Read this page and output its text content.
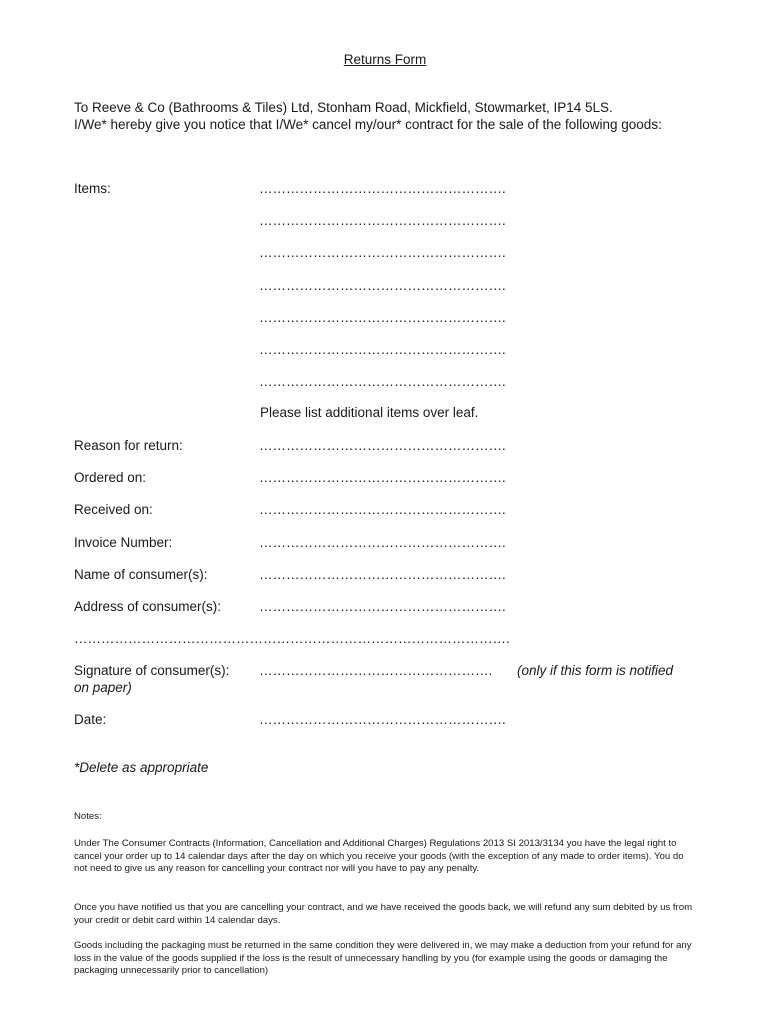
Returns Form

To Reeve & Co (Bathrooms & Tiles) Ltd, Stonham Road, Mickfield, Stowmarket, IP14 5LS.

I/We* hereby give you notice that I/We* cancel my/our* contract for the sale of the following goods:

Items:	……………………………………………….
……………………………………………….
……………………………………………….
……………………………………………….
……………………………………………….
……………………………………………….
……………………………………………….
Please list additional items over leaf.
Reason for return:	……………………………………………….
Ordered on:	……………………………………………….
Received on:	……………………………………………….
Invoice Number:	……………………………………………….
Name of consumer(s):	……………………………………………….
Address of consumer(s):	……………………………………………….
…………………………………………………………………………………….
Signature of consumer(s): ……………………………………………. (only if this form is notified
on paper)
Date:	……………………………………………….
*Delete as appropriate
Notes:
Under The Consumer Contracts (Information, Cancellation and Additional Charges) Regulations 2013 SI 2013/3134 you have the legal right to cancel your order up to 14 calendar days after the day on which you receive your goods (with the exception of any made to order items). You do not need to give us any reason for cancelling your contract nor will you have to pay any penalty.
Once you have notified us that you are cancelling your contract, and we have received the goods back, we will refund any sum debited by us from your credit or debit card within 14 calendar days.
Goods including the packaging must be returned in the same condition they were delivered in, we may make a deduction from your refund for any loss in the value of the goods supplied if the loss is the result of unnecessary handling by you (for example using the goods or damaging the packaging unnecessarily prior to cancellation)
